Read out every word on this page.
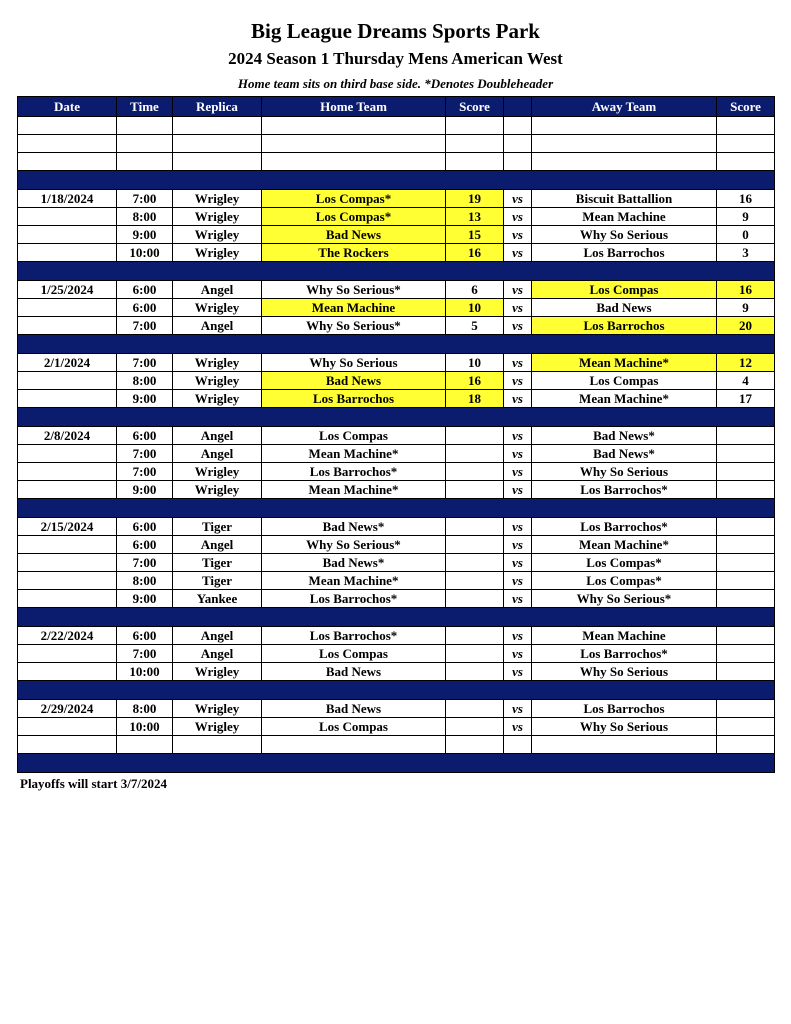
Big League Dreams Sports Park
2024 Season 1 Thursday Mens American West
Home team sits on third base side. *Denotes Doubleheader
Date	Time	Replica	Home Team	Score		Away Team	Score

1/18/2024	7:00	Wrigley	Los Compas*	19	vs	Biscuit Battallion	16
	8:00	Wrigley	Los Compas*	13	vs	Mean Machine	9
	9:00	Wrigley	Bad News	15	vs	Why So Serious	0
	10:00	Wrigley	The Rockers	16	vs	Los Barrochos	3

1/25/2024	6:00	Angel	Why So Serious*	6	vs	Los Compas	16
	6:00	Wrigley	Mean Machine	10	vs	Bad News	9
	7:00	Angel	Why So Serious*	5	vs	Los Barrochos	20

2/1/2024	7:00	Wrigley	Why So Serious	10	vs	Mean Machine*	12
	8:00	Wrigley	Bad News	16	vs	Los Compas	4
	9:00	Wrigley	Los Barrochos	18	vs	Mean Machine*	17

2/8/2024	6:00	Angel	Los Compas		vs	Bad News*	
	7:00	Angel	Mean Machine*		vs	Bad News*	
	7:00	Wrigley	Los Barrochos*		vs	Why So Serious	
	9:00	Wrigley	Mean Machine*		vs	Los Barrochos*	

2/15/2024	6:00	Tiger	Bad News*		vs	Los Barrochos*	
	6:00	Angel	Why So Serious*		vs	Mean Machine*	
	7:00	Tiger	Bad News*		vs	Los Compas*	
	8:00	Tiger	Mean Machine*		vs	Los Compas*	
	9:00	Yankee	Los Barrochos*		vs	Why So Serious*	

2/22/2024	6:00	Angel	Los Barrochos*		vs	Mean Machine	
	7:00	Angel	Los Compas		vs	Los Barrochos*	
	10:00	Wrigley	Bad News		vs	Why So Serious	

2/29/2024	8:00	Wrigley	Bad News		vs	Los Barrochos	
	10:00	Wrigley	Los Compas		vs	Why So Serious	

Playoffs will start 3/7/2024
